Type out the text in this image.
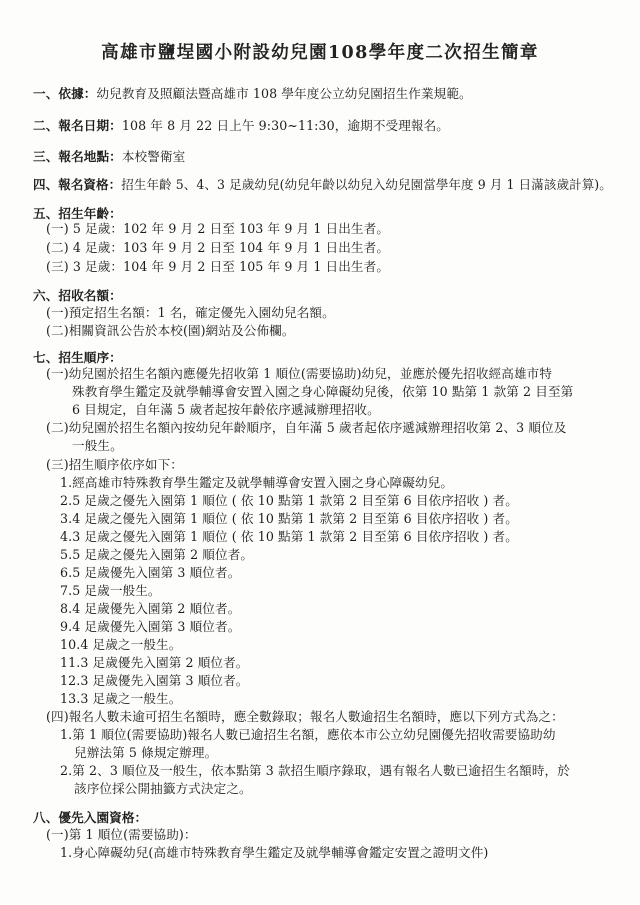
高雄市鹽埕國小附設幼兒園108學年度二次招生簡章
一、依據：幼兒教育及照顧法暨高雄市 108 學年度公立幼兒園招生作業規範。
二、報名日期：108 年 8 月 22 日上午 9:30~11:30，逾期不受理報名。
三、報名地點：本校警衛室
四、報名資格：招生年齡 5、4、3 足歲幼兒(幼兒年齡以幼兒入幼兒園當學年度 9 月 1 日滿該歲計算)。
五、招生年齡：
(一) 5 足歲：102 年 9 月 2 日至 103 年 9 月 1 日出生者。
(二) 4 足歲：103 年 9 月 2 日至 104 年 9 月 1 日出生者。
(三) 3 足歲：104 年 9 月 2 日至 105 年 9 月 1 日出生者。
六、招收名額：
(一)預定招生名額：1 名，確定優先入園幼兒名額。
(二)相關資訊公告於本校(園)網站及公佈欄。
七、招生順序：
(一)幼兒園於招生名額內應優先招收第 1 順位(需要協助)幼兒，並應於優先招收經高雄市特
殊教育學生鑑定及就學輔導會安置入園之身心障礙幼兒後，依第 10 點第 1 款第 2 目至第
6 目規定，自年滿 5 歲者起按年齡依序遞減辦理招收。
(二)幼兒園於招生名額內按幼兒年齡順序，自年滿 5 歲者起依序遞減辦理招收第 2、3 順位及
一般生。
(三)招生順序依序如下：
1.經高雄市特殊教育學生鑑定及就學輔導會安置入園之身心障礙幼兒。
2.5 足歲之優先入園第 1 順位 ( 依 10 點第 1 款第 2 目至第 6 目依序招收 ) 者。
3.4 足歲之優先入園第 1 順位 ( 依 10 點第 1 款第 2 目至第 6 目依序招收 ) 者。
4.3 足歲之優先入園第 1 順位 ( 依 10 點第 1 款第 2 目至第 6 目依序招收 ) 者。
5.5 足歲之優先入園第 2 順位者。
6.5 足歲優先入園第 3 順位者。
7.5 足歲一般生。
8.4 足歲優先入園第 2 順位者。
9.4 足歲優先入園第 3 順位者。
10.4 足歲之一般生。
11.3 足歲優先入園第 2 順位者。
12.3 足歲優先入園第 3 順位者。
13.3 足歲之一般生。
(四)報名人數未逾可招生名額時，應全數錄取；報名人數逾招生名額時，應以下列方式為之：
1.第 1 順位(需要協助)報名人數已逾招生名額，應依本市公立幼兒園優先招收需要協助幼
兒辦法第 5 條規定辦理。
2.第 2、3 順位及一般生，依本點第 3 款招生順序錄取，遇有報名人數已逾招生名額時，於
該序位採公開抽籤方式決定之。
八、優先入園資格：
(一)第 1 順位(需要協助)：
1.身心障礙幼兒(高雄市特殊教育學生鑑定及就學輔導會鑑定安置之證明文件)
